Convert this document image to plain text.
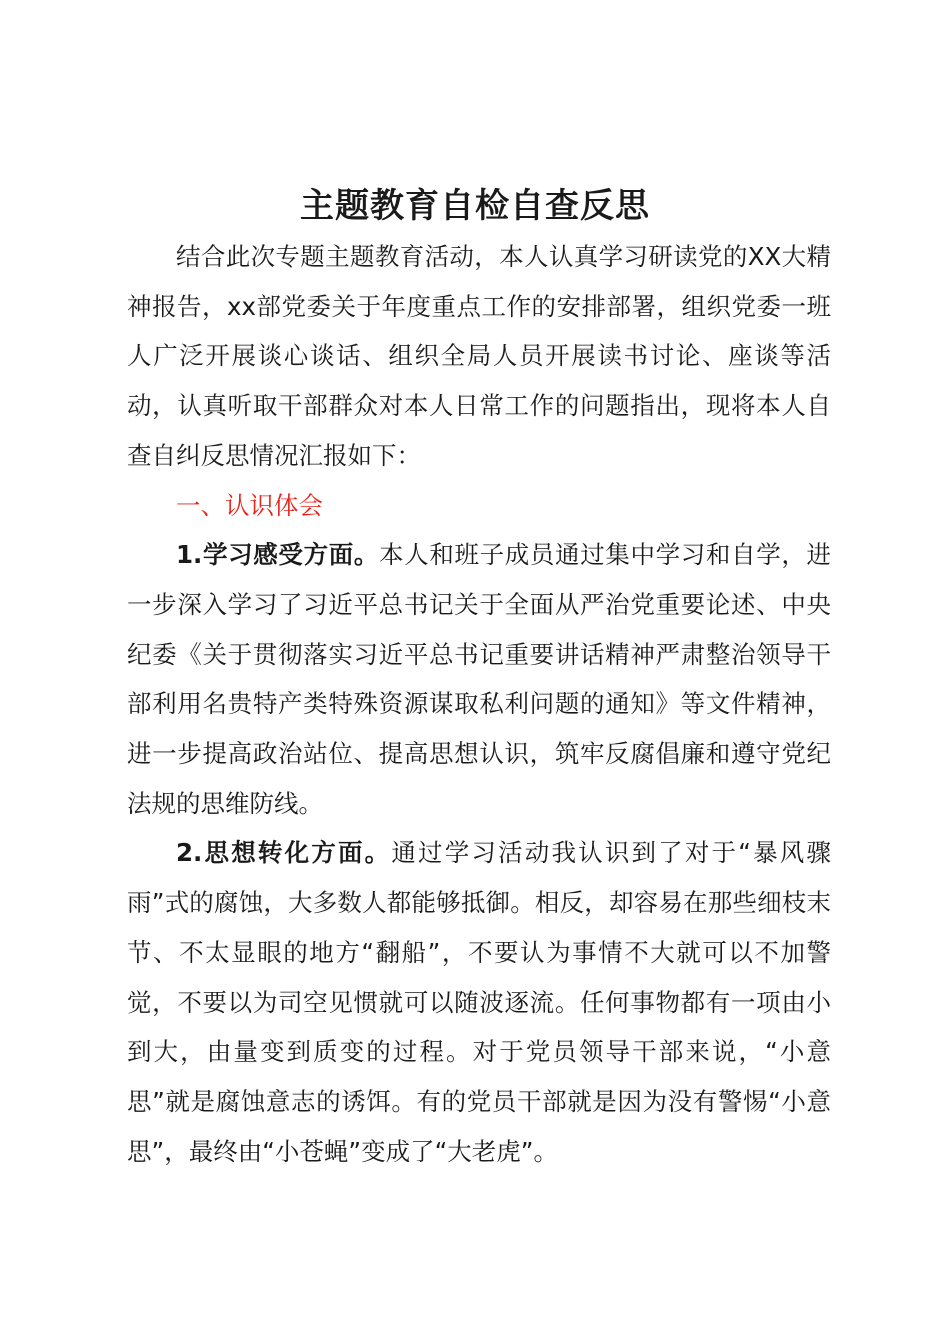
主题教育自检自查反思

结合此次专题主题教育活动，本人认真学习研读党的XX大精神报告，xx部党委关于年度重点工作的安排部署，组织党委一班人广泛开展谈心谈话、组织全局人员开展读书讨论、座谈等活动，认真听取干部群众对本人日常工作的问题指出，现将本人自查自纠反思情况汇报如下：

一、认识体会

1.学习感受方面。本人和班子成员通过集中学习和自学，进一步深入学习了习近平总书记关于全面从严治党重要论述、中央纪委《关于贯彻落实习近平总书记重要讲话精神严肃整治领导干部利用名贵特产类特殊资源谋取私利问题的通知》等文件精神，进一步提高政治站位、提高思想认识，筑牢反腐倡廉和遵守党纪法规的思维防线。

2.思想转化方面。通过学习活动我认识到了对于“暴风骤雨”式的腐蚀，大多数人都能够抵御。相反，却容易在那些细枝末节、不太显眼的地方“翻船”，不要认为事情不大就可以不加警觉，不要以为司空见惯就可以随波逐流。任何事物都有一项由小到大，由量变到质变的过程。对于党员领导干部来说，“小意思”就是腐蚀意志的诱饵。有的党员干部就是因为没有警惕“小意思”，最终由“小苍蝇”变成了“大老虎”。
